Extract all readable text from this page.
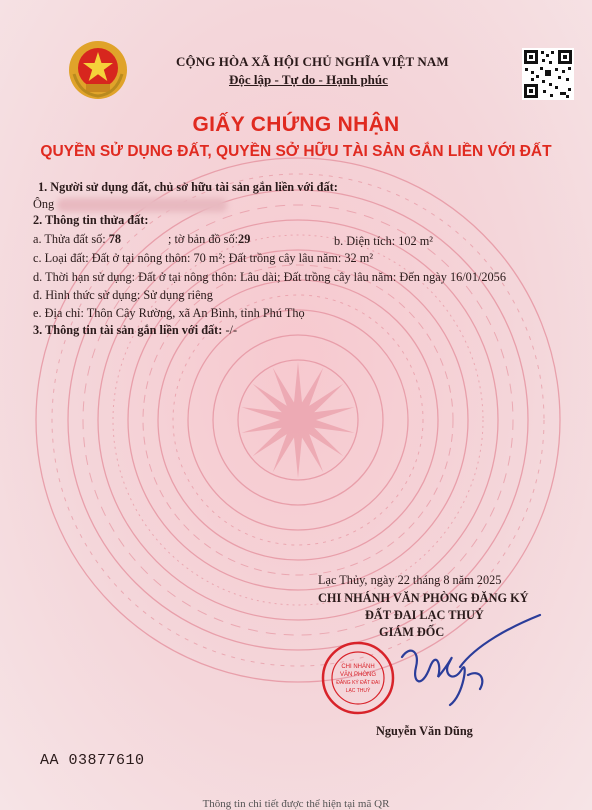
CỘNG HÒA XÃ HỘI CHỦ NGHĨA VIỆT NAM
Độc lập - Tự do - Hạnh phúc
GIẤY CHỨNG NHẬN
QUYỀN SỬ DỤNG ĐẤT, QUYỀN SỞ HỮU TÀI SẢN GẮN LIỀN VỚI ĐẤT
1. Người sử dụng đất, chủ sở hữu tài sản gắn liền với đất:
Ông
2. Thông tin thửa đất:
a. Thửa đất số: 78	; tờ bản đồ số:29	b. Diện tích: 102 m²
c. Loại đất: Đất ở tại nông thôn: 70 m²; Đất trồng cây lâu năm: 32 m²
d. Thời hạn sử dụng: Đất ở tại nông thôn: Lâu dài; Đất trồng cây lâu năm: Đến ngày 16/01/2056
đ. Hình thức sử dụng: Sử dụng riêng
e. Địa chỉ: Thôn Cây Rường, xã An Bình, tỉnh Phú Thọ
3. Thông tin tài sản gắn liền với đất: -/-
Lạc Thủy, ngày 22 tháng 8 năm 2025
CHI NHÁNH VĂN PHÒNG ĐĂNG KÝ
ĐẤT ĐAI LẠC THUỶ
GIÁM ĐỐC
CHI NHÁNH
VĂN PHÒNG
ĐĂNG KÝ ĐẤT ĐAI
LẠC THUỶ
Nguyễn Văn Dũng
AA 03877610
Thông tin chi tiết được thể hiện tại mã QR
